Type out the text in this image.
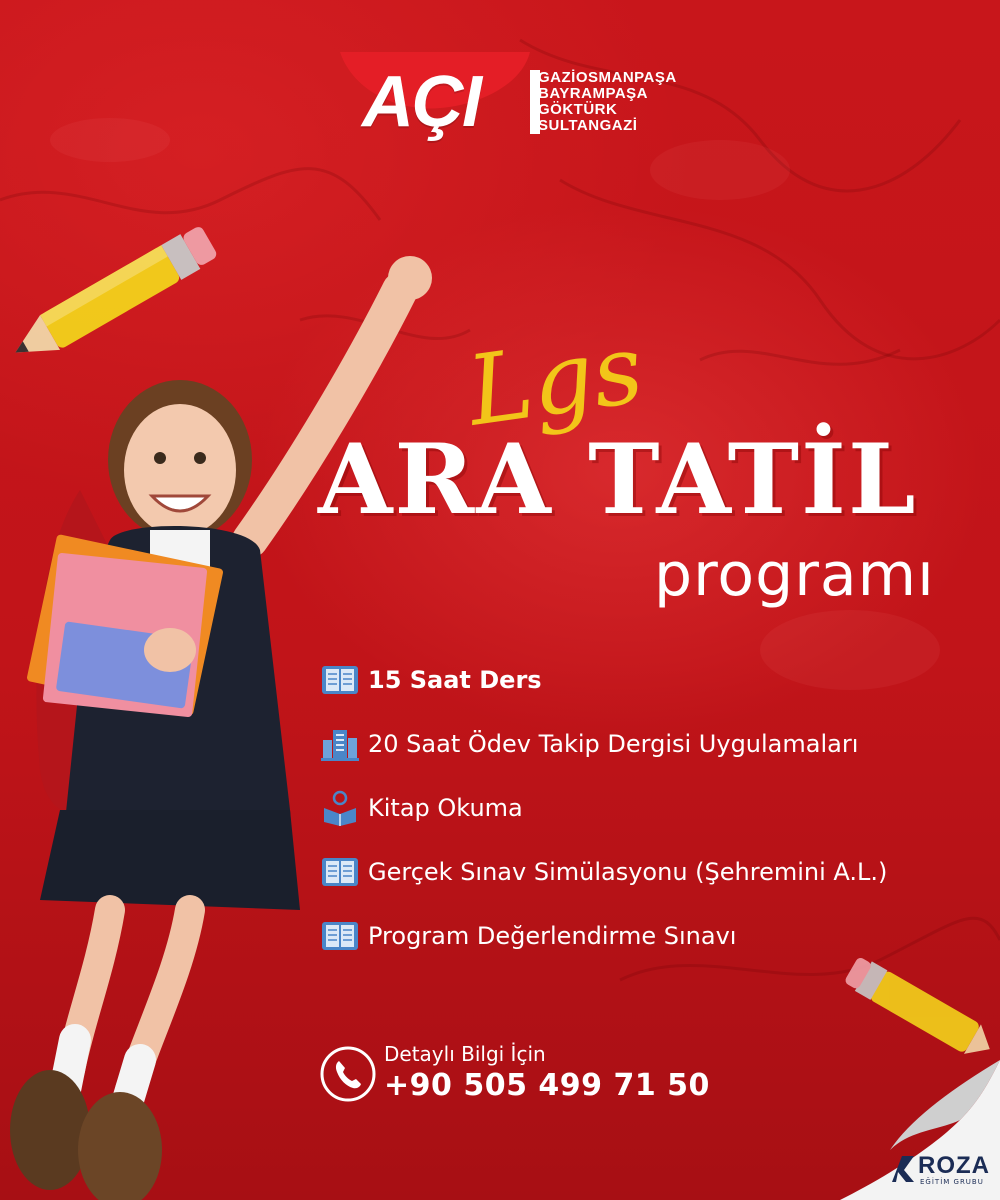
AÇI	GAZİOSMANPAŞA
BAYRAMPAŞA
GÖKTÜRK
SULTANGAZİ
Lgs
ARA TATİL
programı
15 Saat Ders
20 Saat Ödev Takip Dergisi Uygulamaları
Kitap Okuma
Gerçek Sınav Simülasyonu (Şehremini A.L.)
Program Değerlendirme Sınavı
Detaylı Bilgi İçin
+90 505 499 71 50
ROZA
EĞİTİM GRUBU
